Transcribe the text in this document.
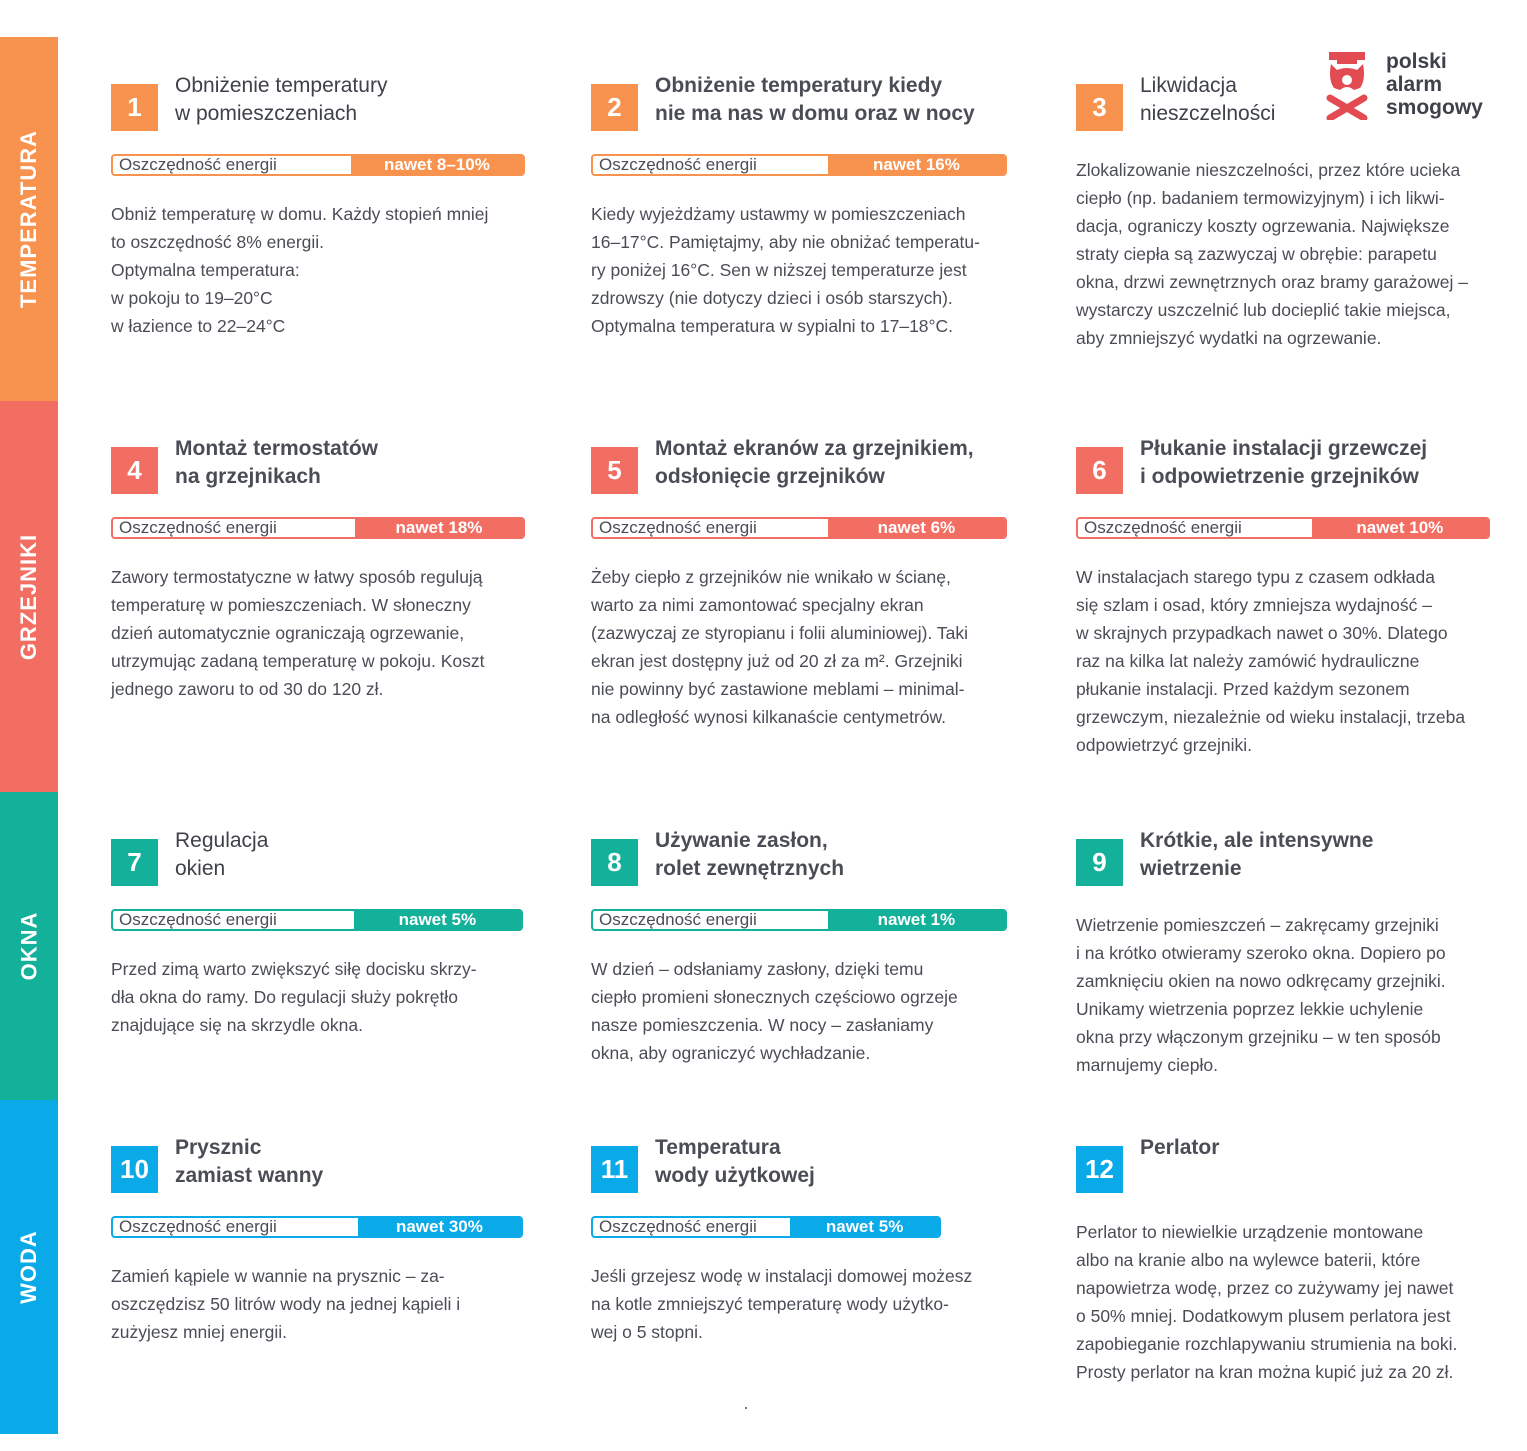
TEMPERATURA
GRZEJNIKI
OKNA
WODA
polski
alarm
smogowy
1
Obniżenie temperatury
w pomieszczeniach
Oszczędność energii	nawet 8–10%
Obniż temperaturę w domu. Każdy stopień mniej
to oszczędność 8% energii.
Optymalna temperatura:
w pokoju to 19–20°C
w łazience to 22–24°C
2
Obniżenie temperatury kiedy
nie ma nas w domu oraz w nocy
Oszczędność energii	nawet 16%
Kiedy wyjeżdżamy ustawmy w pomieszczeniach
16–17°C. Pamiętajmy, aby nie obniżać temperatu-
ry poniżej 16°C. Sen w niższej temperaturze jest
zdrowszy (nie dotyczy dzieci i osób starszych).
Optymalna temperatura w sypialni to 17–18°C.
3
Likwidacja
nieszczelności
Zlokalizowanie nieszczelności, przez które ucieka
ciepło (np. badaniem termowizyjnym) i ich likwi-
dacja, ograniczy koszty ogrzewania. Największe
straty ciepła są zazwyczaj w obrębie: parapetu
okna, drzwi zewnętrznych oraz bramy garażowej –
wystarczy uszczelnić lub docieplić takie miejsca,
aby zmniejszyć wydatki na ogrzewanie.
4
Montaż termostatów
na grzejnikach
Oszczędność energii	nawet 18%
Zawory termostatyczne w łatwy sposób regulują
temperaturę w pomieszczeniach. W słoneczny
dzień automatycznie ograniczają ogrzewanie,
utrzymując zadaną temperaturę w pokoju. Koszt
jednego zaworu to od 30 do 120 zł.
5
Montaż ekranów za grzejnikiem,
odsłonięcie grzejników
Oszczędność energii	nawet 6%
Żeby ciepło z grzejników nie wnikało w ścianę,
warto za nimi zamontować specjalny ekran
(zazwyczaj ze styropianu i folii aluminiowej). Taki
ekran jest dostępny już od 20 zł za m². Grzejniki
nie powinny być zastawione meblami – minimal-
na odległość wynosi kilkanaście centymetrów.
6
Płukanie instalacji grzewczej
i odpowietrzenie grzejników
Oszczędność energii	nawet 10%
W instalacjach starego typu z czasem odkłada
się szlam i osad, który zmniejsza wydajność –
w skrajnych przypadkach nawet o 30%. Dlatego
raz na kilka lat należy zamówić hydrauliczne
płukanie instalacji. Przed każdym sezonem
grzewczym, niezależnie od wieku instalacji, trzeba
odpowietrzyć grzejniki.
7
Regulacja
okien
Oszczędność energii	nawet 5%
Przed zimą warto zwiększyć siłę docisku skrzy-
dła okna do ramy. Do regulacji służy pokrętło
znajdujące się na skrzydle okna.
8
Używanie zasłon,
rolet zewnętrznych
Oszczędność energii	nawet 1%
W dzień – odsłaniamy zasłony, dzięki temu
ciepło promieni słonecznych częściowo ogrzeje
nasze pomieszczenia. W nocy – zasłaniamy
okna, aby ograniczyć wychładzanie.
9
Krótkie, ale intensywne
wietrzenie
Wietrzenie pomieszczeń – zakręcamy grzejniki
i na krótko otwieramy szeroko okna. Dopiero po
zamknięciu okien na nowo odkręcamy grzejniki.
Unikamy wietrzenia poprzez lekkie uchylenie
okna przy włączonym grzejniku – w ten sposób
marnujemy ciepło.
10
Prysznic
zamiast wanny
Oszczędność energii	nawet 30%
Zamień kąpiele w wannie na prysznic – za-
oszczędzisz 50 litrów wody na jednej kąpieli i
zużyjesz mniej energii.
11
Temperatura
wody użytkowej
Oszczędność energii	nawet 5%
Jeśli grzejesz wodę w instalacji domowej możesz
na kotle zmniejszyć temperaturę wody użytko-
wej o 5 stopni.
12
Perlator
Perlator to niewielkie urządzenie montowane
albo na kranie albo na wylewce baterii, które
napowietrza wodę, przez co zużywamy jej nawet
o 50% mniej. Dodatkowym plusem perlatora jest
zapobieganie rozchlapywaniu strumienia na boki.
Prosty perlator na kran można kupić już za 20 zł.
